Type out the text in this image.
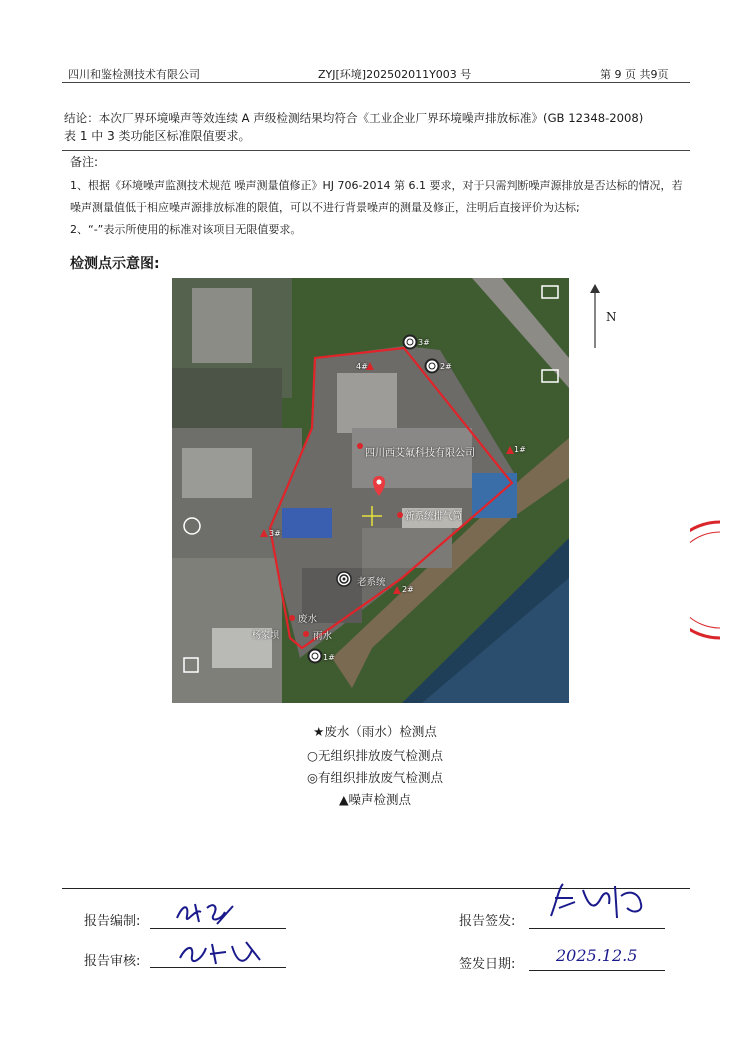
四川和鉴检测技术有限公司	ZYJ[环境]202502011Y003 号	第 9 页 共9页
结论：本次厂界环境噪声等效连续 A 声级检测结果均符合《工业企业厂界环境噪声排放标准》(GB 12348-2008)
表 1 中 3 类功能区标准限值要求。
备注:
1、根据《环境噪声监测技术规范 噪声测量值修正》HJ 706-2014 第 6.1 要求，对于只需判断噪声源排放是否达标的情况，若
噪声测量值低于相应噪声源排放标准的限值，可以不进行背景噪声的测量及修正，注明后直接评价为达标;
2、“-”表示所使用的标准对该项目无限值要求。
检测点示意图:
四川西艾氟科技有限公司
新系统排气筒
老系统
废水
雨水
杨家坝
1#
2#
3#
4#
1#
2#
3#
N
★废水（雨水）检测点
○无组织排放废气检测点
◎有组织排放废气检测点
▲噪声检测点
报告编制:	报告签发:
报告审核:	签发日期:	2025.12.5
